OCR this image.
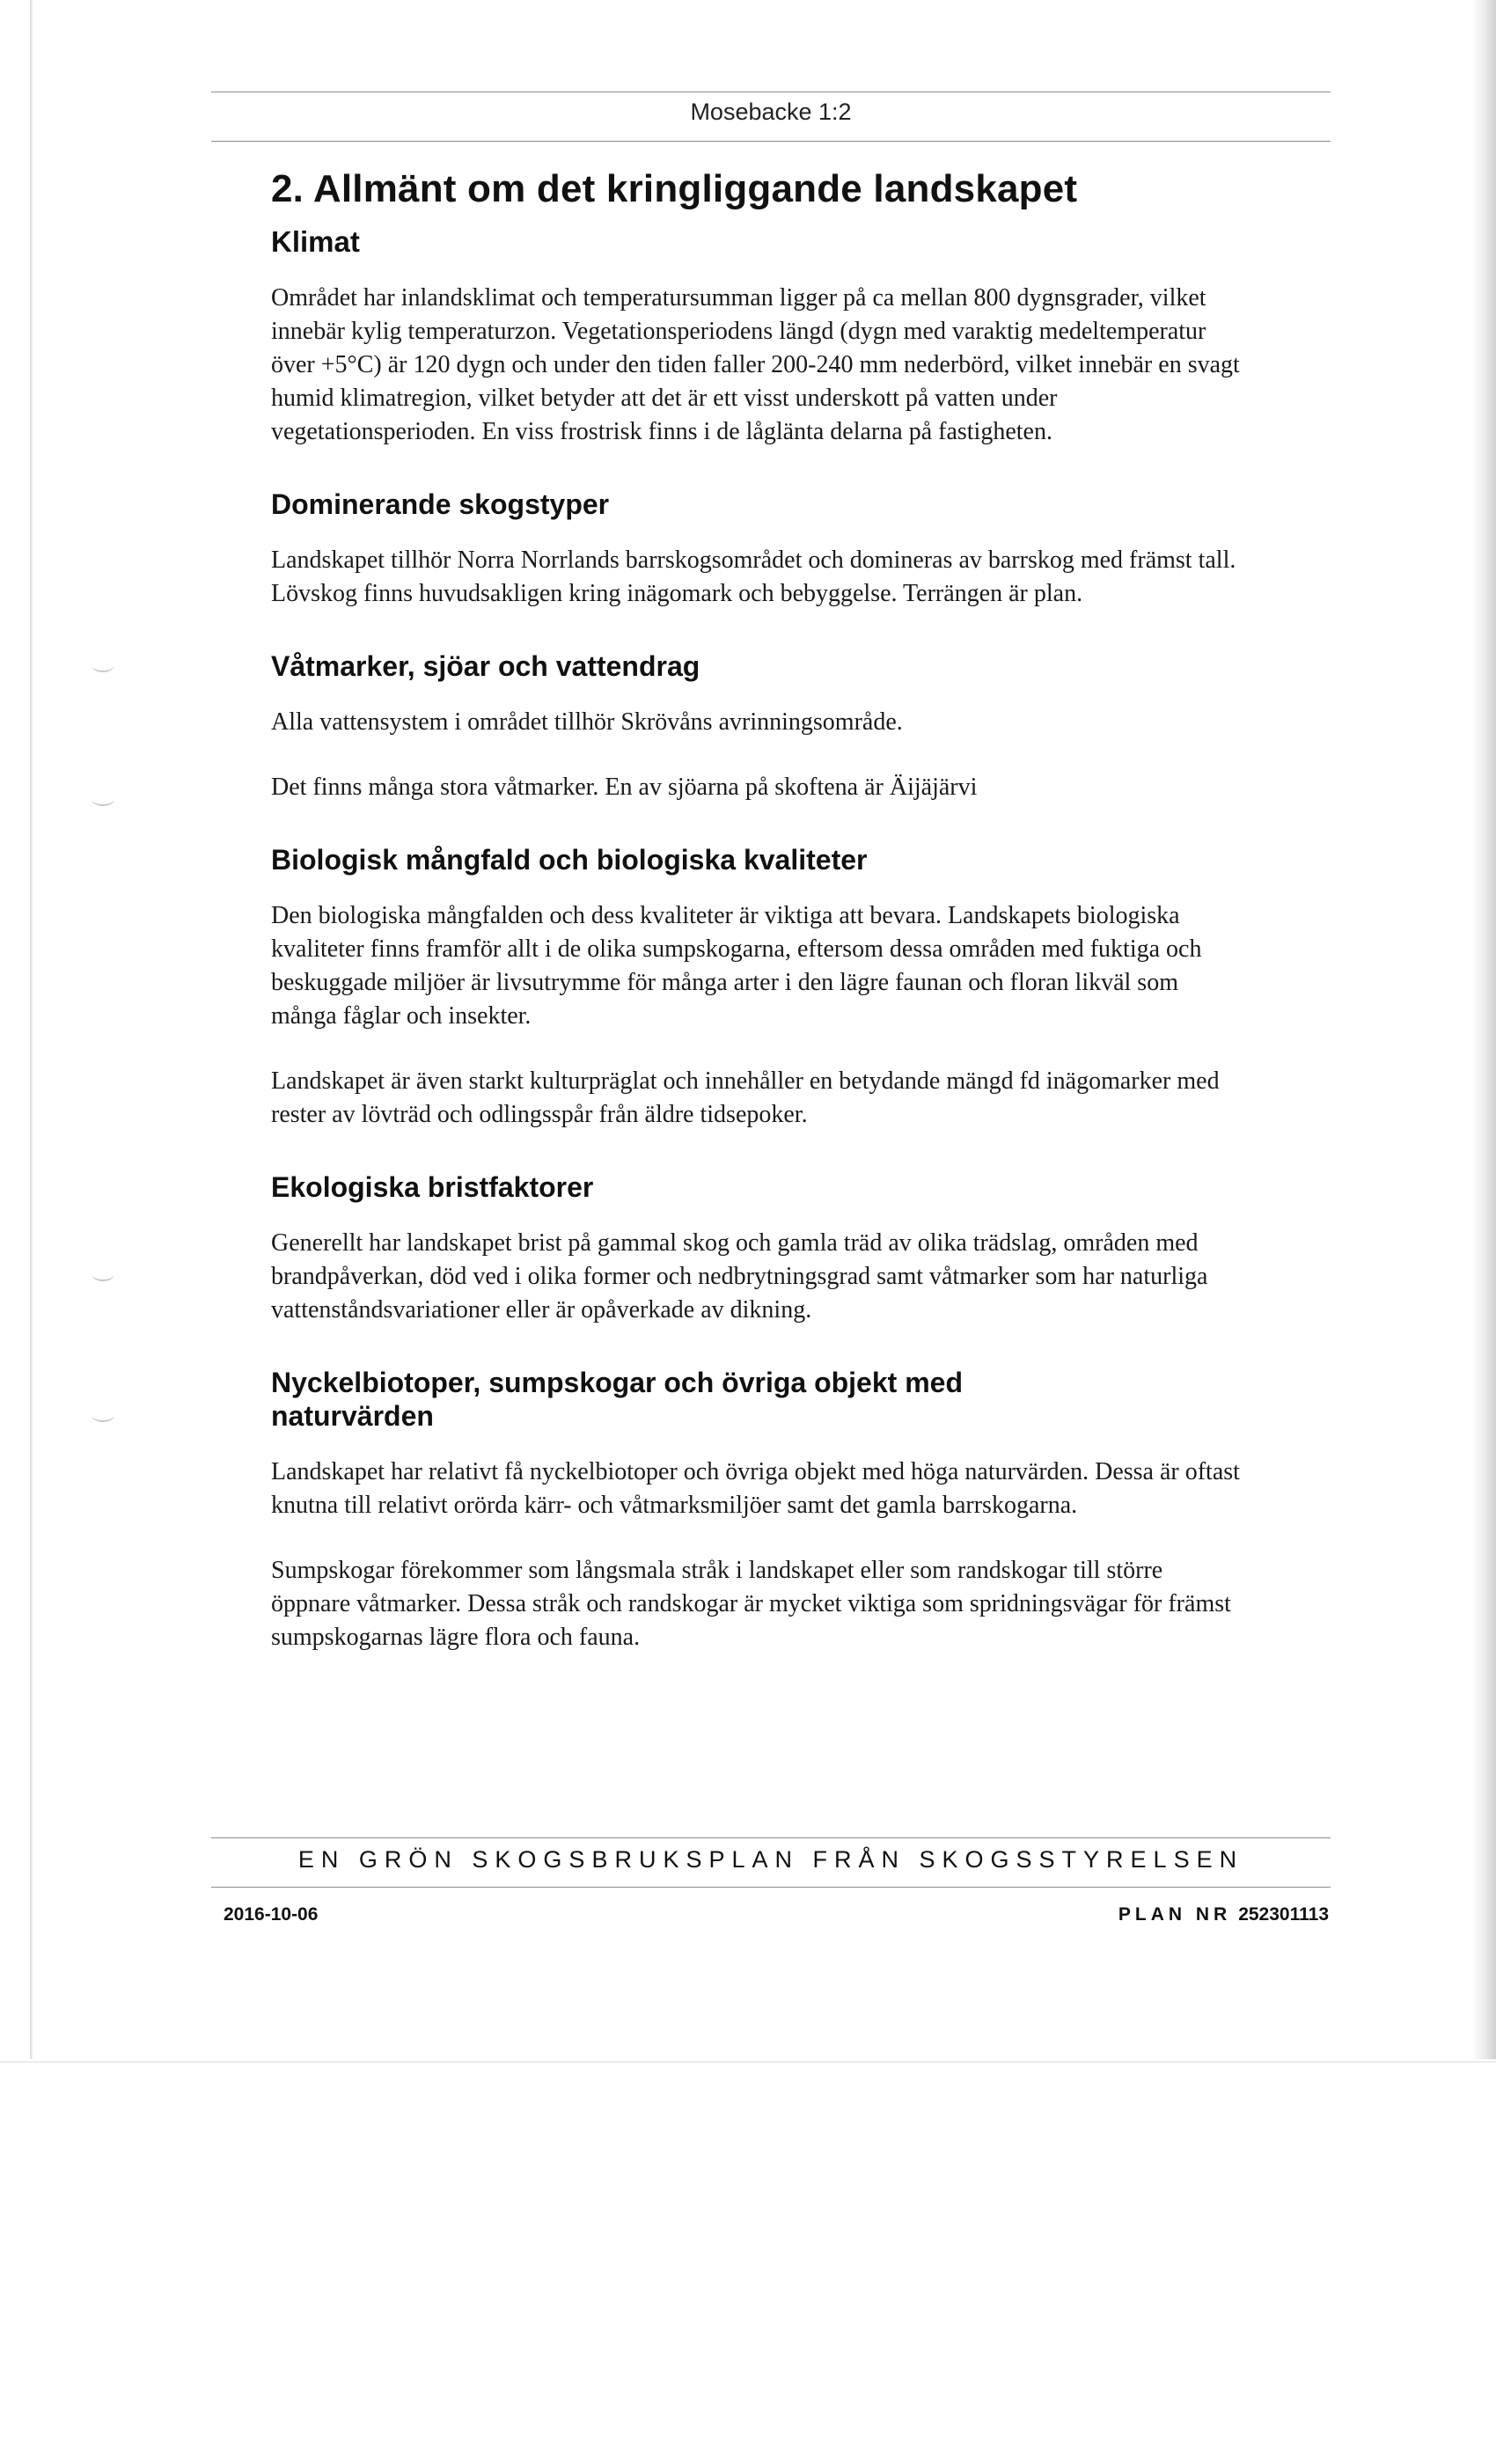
Mosebacke 1:2
2. Allmänt om det kringliggande landskapet
Klimat

Området har inlandsklimat och temperatursumman ligger på ca mellan 800 dygnsgrader, vilket innebär kylig temperaturzon. Vegetationsperiodens längd (dygn med varaktig medeltemperatur över +5°C) är 120 dygn och under den tiden faller 200-240 mm nederbörd, vilket innebär en svagt humid klimatregion, vilket betyder att det är ett visst underskott på vatten under vegetationsperioden. En viss frostrisk finns i de låglänta delarna på fastigheten.

Dominerande skogstyper

Landskapet tillhör Norra Norrlands barrskogsområdet och domineras av barrskog med främst tall. Lövskog finns huvudsakligen kring inägomark och bebyggelse. Terrängen är plan.

Våtmarker, sjöar och vattendrag

Alla vattensystem i området tillhör Skrövåns avrinningsområde.

Det finns många stora våtmarker. En av sjöarna på skoftena är Äijäjärvi

Biologisk mångfald och biologiska kvaliteter

Den biologiska mångfalden och dess kvaliteter är viktiga att bevara. Landskapets biologiska kvaliteter finns framför allt i de olika sumpskogarna, eftersom dessa områden med fuktiga och beskuggade miljöer är livsutrymme för många arter i den lägre faunan och floran likväl som många fåglar och insekter.

Landskapet är även starkt kulturpräglat och innehåller en betydande mängd fd inägomarker med rester av lövträd och odlingsspår från äldre tidsepoker.

Ekologiska bristfaktorer

Generellt har landskapet brist på gammal skog och gamla träd av olika trädslag, områden med brandpåverkan, död ved i olika former och nedbrytningsgrad samt våtmarker som har naturliga vattenståndsvariationer eller är opåverkade av dikning.

Nyckelbiotoper, sumpskogar och övriga objekt med naturvärden

Landskapet har relativt få nyckelbiotoper och övriga objekt med höga naturvärden. Dessa är oftast knutna till relativt orörda kärr- och våtmarksmiljöer samt det gamla barrskogarna.

Sumpskogar förekommer som långsmala stråk i landskapet eller som randskogar till större öppnare våtmarker. Dessa stråk och randskogar är mycket viktiga som spridningsvägar för främst sumpskogarnas lägre flora och fauna.

EN GRÖN SKOGSBRUKSPLAN FRÅN SKOGSSTYRELSEN
2016-10-06	PLAN NR 252301113
